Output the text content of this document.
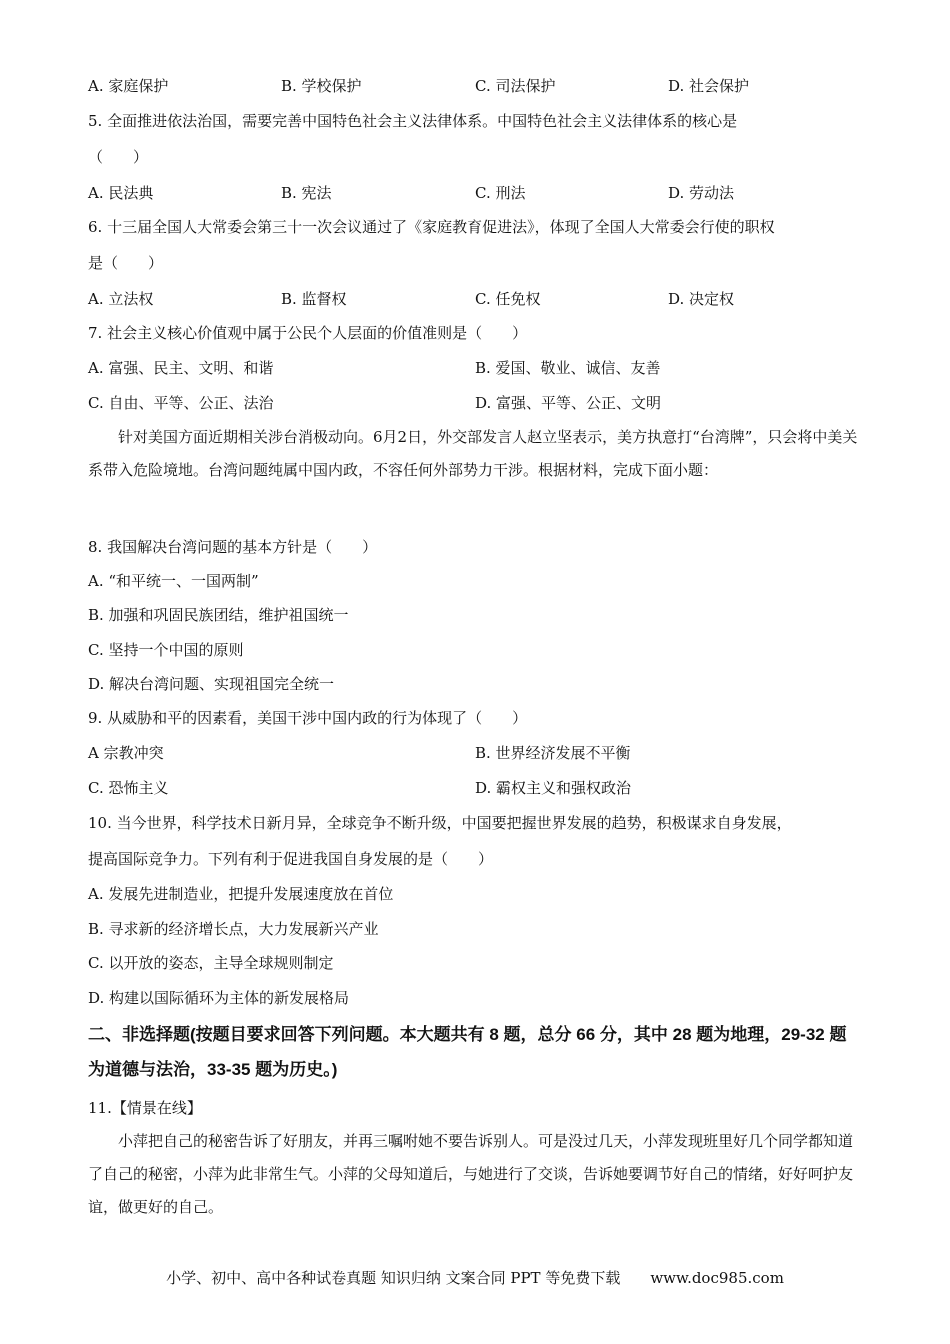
A. 家庭保护	B. 学校保护	C. 司法保护	D. 社会保护
5. 全面推进依法治国，需要完善中国特色社会主义法律体系。中国特色社会主义法律体系的核心是
（　　）
A. 民法典	B. 宪法	C. 刑法	D. 劳动法
6. 十三届全国人大常委会第三十一次会议通过了《家庭教育促进法》，体现了全国人大常委会行使的职权
是（　　）
A. 立法权	B. 监督权	C. 任免权	D. 决定权
7. 社会主义核心价值观中属于公民个人层面的价值准则是（　　）
A. 富强、民主、文明、和谐	B. 爱国、敬业、诚信、友善
C. 自由、平等、公正、法治	D. 富强、平等、公正、文明

针对美国方面近期相关涉台消极动向。6月2日，外交部发言人赵立坚表示，美方执意打“台湾牌”，只会将中美关系带入危险境地。台湾问题纯属中国内政，不容任何外部势力干涉。根据材料，完成下面小题：

8. 我国解决台湾问题的基本方针是（　　）
A. “和平统一、一国两制”
B. 加强和巩固民族团结，维护祖国统一
C. 坚持一个中国的原则
D. 解决台湾问题、实现祖国完全统一
9. 从威胁和平的因素看，美国干涉中国内政的行为体现了（　　）
A 宗教冲突	B. 世界经济发展不平衡
C. 恐怖主义	D. 霸权主义和强权政治
10. 当今世界，科学技术日新月异，全球竞争不断升级，中国要把握世界发展的趋势，积极谋求自身发展，
提高国际竞争力。下列有利于促进我国自身发展的是（　　）
A. 发展先进制造业，把提升发展速度放在首位
B. 寻求新的经济增长点，大力发展新兴产业
C. 以开放的姿态，主导全球规则制定
D. 构建以国际循环为主体的新发展格局

二、非选择题(按题目要求回答下列问题。本大题共有 8 题，总分 66 分，其中 28 题为地理，29-32 题为道德与法治，33-35 题为历史。)

11.【情景在线】

小萍把自己的秘密告诉了好朋友，并再三嘱咐她不要告诉别人。可是没过几天，小萍发现班里好几个同学都知道了自己的秘密，小萍为此非常生气。小萍的父母知道后，与她进行了交谈，告诉她要调节好自己的情绪，好好呵护友谊，做更好的自己。

小学、初中、高中各种试卷真题 知识归纳 文案合同 PPT 等免费下载　　www.doc985.com
